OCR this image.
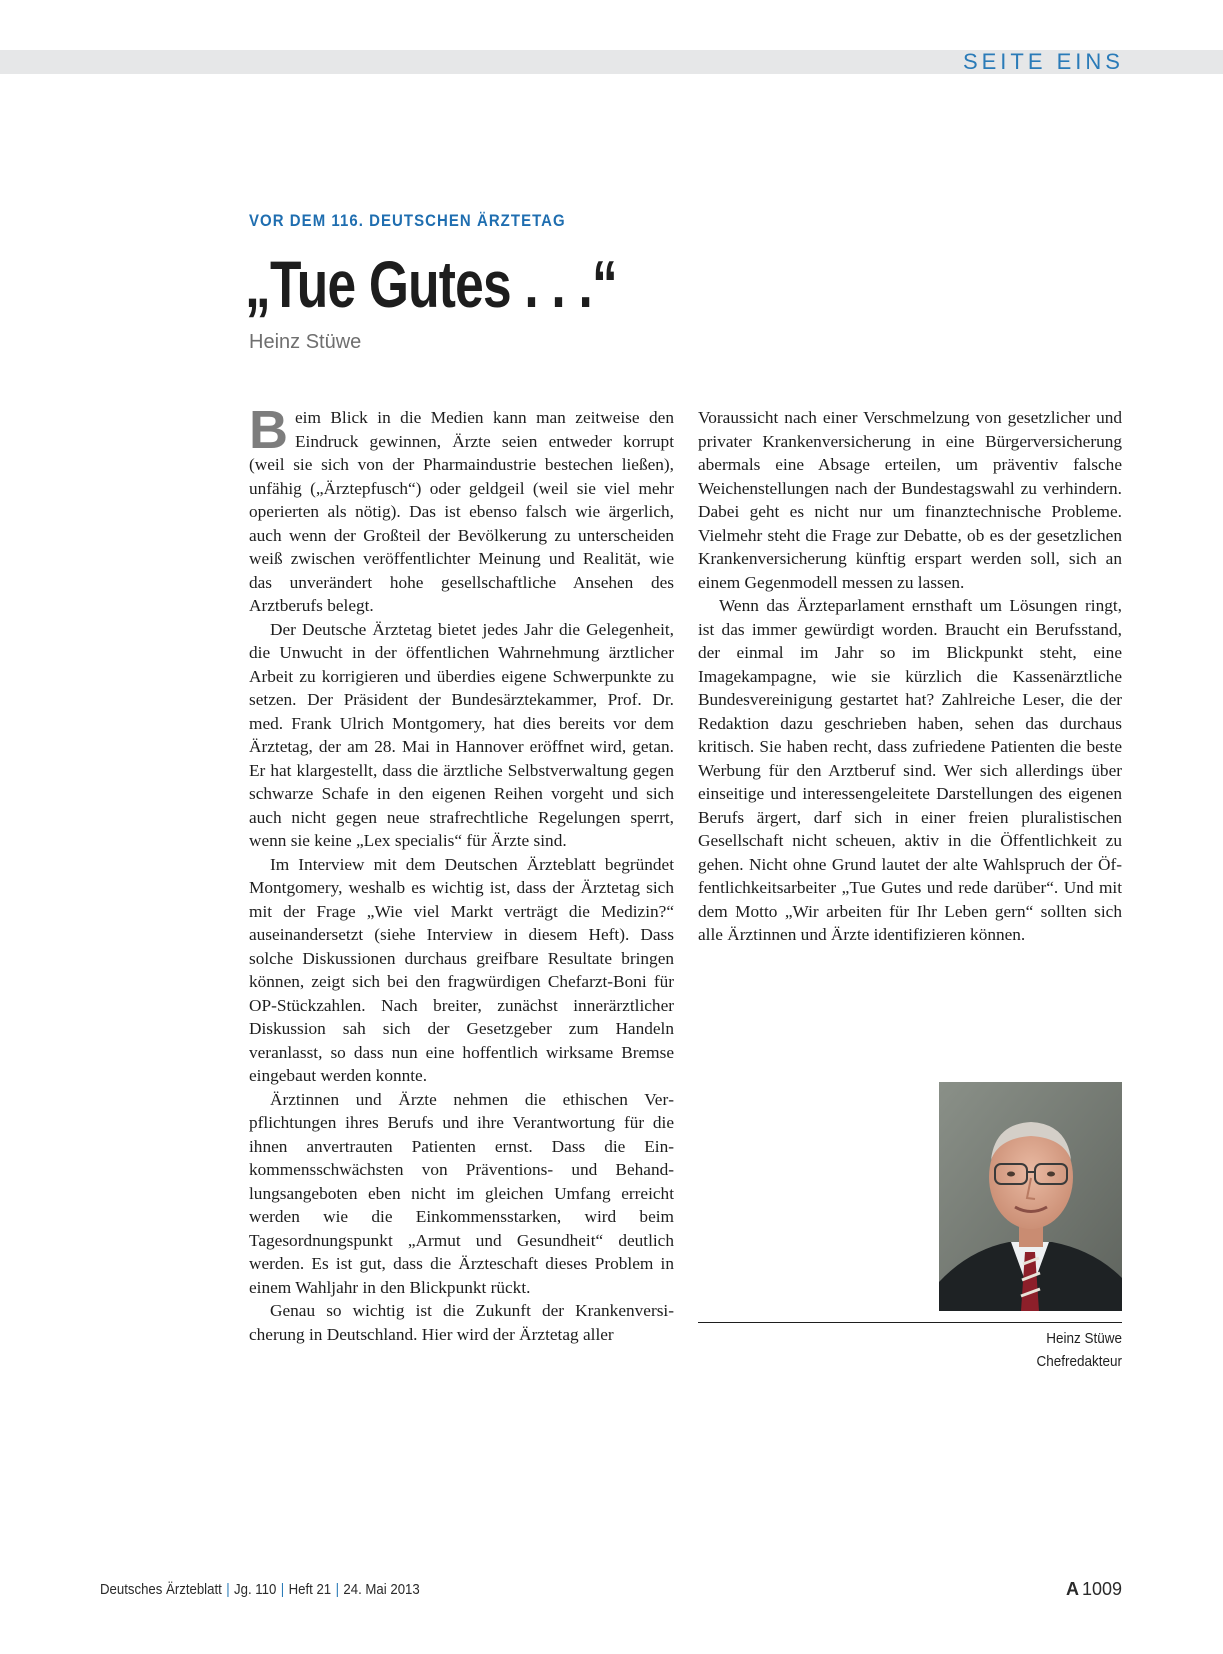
SEITE EINS
VOR DEM 116. DEUTSCHEN ÄRZTETAG
„Tue Gutes . . .“
Heinz Stüwe

Beim Blick in die Medien kann man zeitweise den Eindruck gewinnen, Ärzte seien entweder korrupt (weil sie sich von der Pharmaindustrie bestechen ließen), unfähig („Ärztepfusch“) oder geldgeil (weil sie viel mehr operierten als nötig). Das ist ebenso falsch wie ärgerlich, auch wenn der Großteil der Bevölkerung zu unterscheiden weiß zwischen veröffentlichter Meinung und Realität, wie das unverändert hohe gesellschaftliche Ansehen des Arztberufs belegt.

Der Deutsche Ärztetag bietet jedes Jahr die Gelegenheit, die Unwucht in der öffentlichen Wahrnehmung ärztlicher Arbeit zu korrigieren und überdies eigene Schwerpunkte zu setzen. Der Präsident der Bundesärztekammer, Prof. Dr. med. Frank Ulrich Montgomery, hat dies bereits vor dem Ärztetag, der am 28. Mai in Hannover eröffnet wird, getan. Er hat klargestellt, dass die ärztliche Selbstverwaltung gegen schwarze Schafe in den eigenen Reihen vorgeht und sich auch nicht gegen neue strafrechtliche Regelungen sperrt, wenn sie keine „Lex specialis“ für Ärzte sind.

Im Interview mit dem Deutschen Ärzteblatt begründet Montgomery, weshalb es wichtig ist, dass der Ärztetag sich mit der Frage „Wie viel Markt verträgt die Medizin?“ auseinandersetzt (siehe Interview in diesem Heft). Dass solche Diskussionen durchaus greifbare Resultate bringen können, zeigt sich bei den fragwürdigen Chefarzt-Boni für OP-Stückzahlen. Nach breiter, zunächst innerärztlicher Diskussion sah sich der Gesetzgeber zum Handeln veranlasst, so dass nun eine hoffentlich wirksame Bremse eingebaut werden konnte.

Ärztinnen und Ärzte nehmen die ethischen Verpflichtungen ihres Berufs und ihre Verantwortung für die ihnen anvertrauten Patienten ernst. Dass die Einkommensschwächsten von Präventions- und Behandlungsangeboten eben nicht im gleichen Umfang erreicht werden wie die Einkommensstarken, wird beim Tagesordnungspunkt „Armut und Gesundheit“ deutlich werden. Es ist gut, dass die Ärzteschaft dieses Problem in einem Wahljahr in den Blickpunkt rückt.

Genau so wichtig ist die Zukunft der Krankenversicherung in Deutschland. Hier wird der Ärztetag aller

Voraussicht nach einer Verschmelzung von gesetzlicher und privater Krankenversicherung in eine Bürgerversicherung abermals eine Absage erteilen, um präventiv falsche Weichenstellungen nach der Bundestagswahl zu verhindern. Dabei geht es nicht nur um finanztechnische Probleme. Vielmehr steht die Frage zur Debatte, ob es der gesetzlichen Krankenversicherung künftig erspart werden soll, sich an einem Gegenmodell messen zu lassen.

Wenn das Ärzteparlament ernsthaft um Lösungen ringt, ist das immer gewürdigt worden. Braucht ein Berufsstand, der einmal im Jahr so im Blickpunkt steht, eine Imagekampagne, wie sie kürzlich die Kassenärztliche Bundesvereinigung gestartet hat? Zahlreiche Leser, die der Redaktion dazu geschrieben haben, sehen das durchaus kritisch. Sie haben recht, dass zufriedene Patienten die beste Werbung für den Arztberuf sind. Wer sich allerdings über einseitige und interessengeleitete Darstellungen des eigenen Berufs ärgert, darf sich in einer freien pluralistischen Gesellschaft nicht scheuen, aktiv in die Öffentlichkeit zu gehen. Nicht ohne Grund lautet der alte Wahlspruch der Öffentlichkeitsarbeiter „Tue Gutes und rede darüber“. Und mit dem Motto „Wir arbeiten für Ihr Leben gern“ sollten sich alle Ärztinnen und Ärzte identifizieren können.

Heinz Stüwe
Chefredakteur
Deutsches Ärzteblatt | Jg. 110 | Heft 21 | 24. Mai 2013	A 1009
